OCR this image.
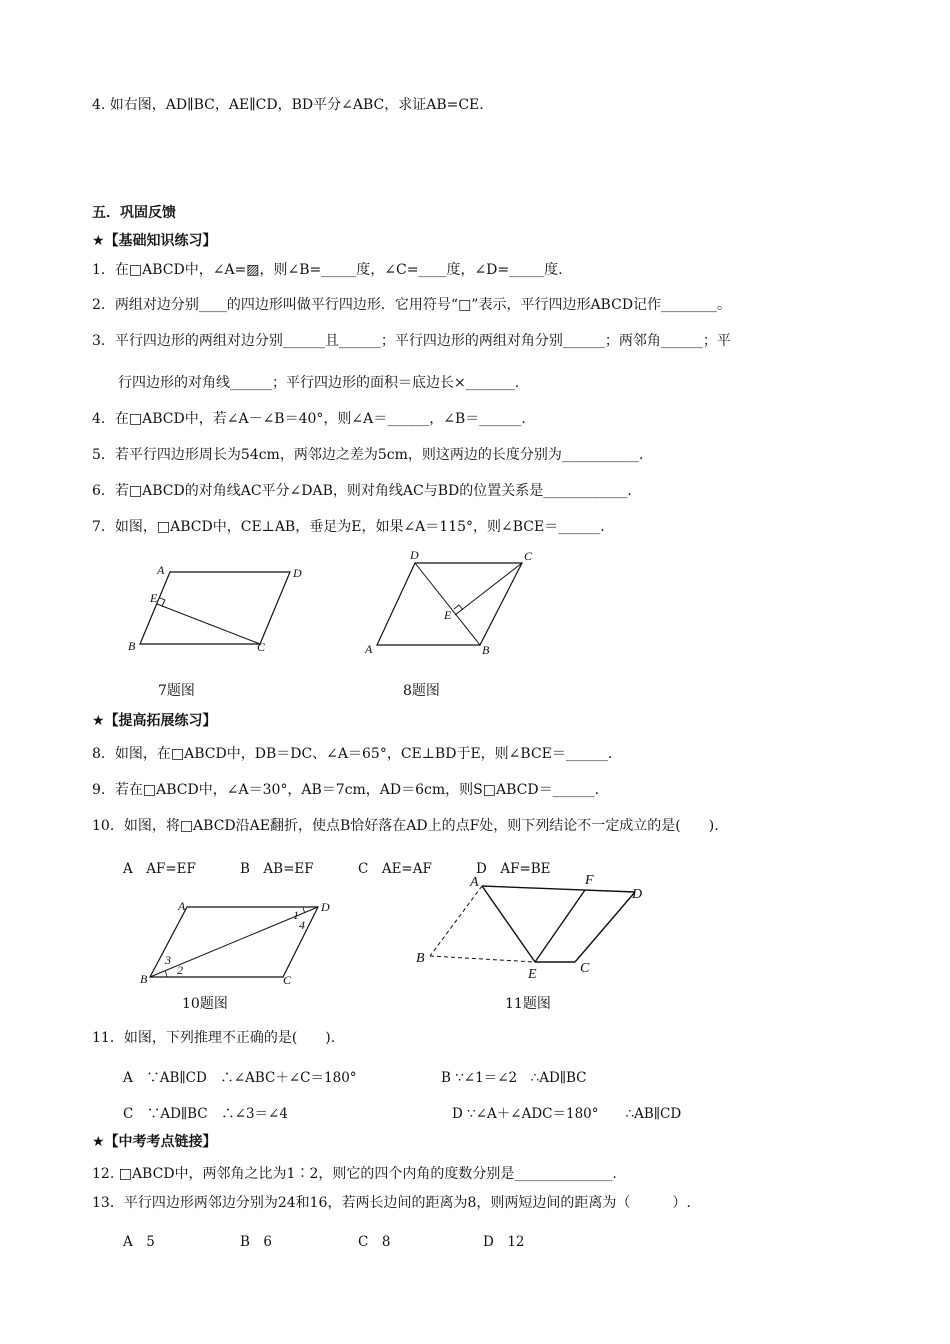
4. 如右图，AD∥BC，AE∥CD，BD平分∠ABC，求证AB=CE.
五．巩固反馈
★【基础知识练习】
1．在□ABCD中，∠A=▨，则∠B=_____度，∠C=____度，∠D=_____度.
2．两组对边分别____的四边形叫做平行四边形．它用符号“□”表示，平行四边形ABCD记作________。
3．平行四边形的两组对边分别______且______；平行四边形的两组对角分别______；两邻角______；平
行四边形的对角线______；平行四边形的面积＝底边长×_______.
4．在□ABCD中，若∠A－∠B＝40°，则∠A＝______，∠B＝______.
5．若平行四边形周长为54cm，两邻边之差为5cm，则这两边的长度分别为___________.
6．若□ABCD的对角线AC平分∠DAB，则对角线AC与BD的位置关系是____________.
7．如图，□ABCD中，CE⊥AB，垂足为E，如果∠A＝115°，则∠BCE＝______.
A	D
E
B	C
7题图
D	C
E
A	B
8题图
★【提高拓展练习】
8．如图，在□ABCD中，DB＝DC、∠A＝65°，CE⊥BD于E，则∠BCE＝______.
9．若在□ABCD中，∠A＝30°，AB＝7cm，AD＝6cm，则S□ABCD＝______.
10．如图，将□ABCD沿AE翻折，使点B恰好落在AD上的点F处，则下列结论不一定成立的是(　　).
A　AF=EF	B　AB=EF	C　AE=AF	D　AF=BE
A	D
1
4
3
2
B	C
10题图
A	F
D
B
E	C
11题图
11．如图，下列推理不正确的是(　　).
A　∵AB∥CD　∴∠ABC＋∠C＝180°	B ∵∠1＝∠2　∴AD∥BC
C　∵AD∥BC　∴∠3＝∠4	D ∵∠A＋∠ADC＝180°　　∴AB∥CD
★【中考考点链接】
12. □ABCD中，两邻角之比为1∶2，则它的四个内角的度数分别是______________.
13．平行四边形两邻边分别为24和16，若两长边间的距离为8，则两短边间的距离为（　　　）.
A　5	B　6	C　8	D　12
